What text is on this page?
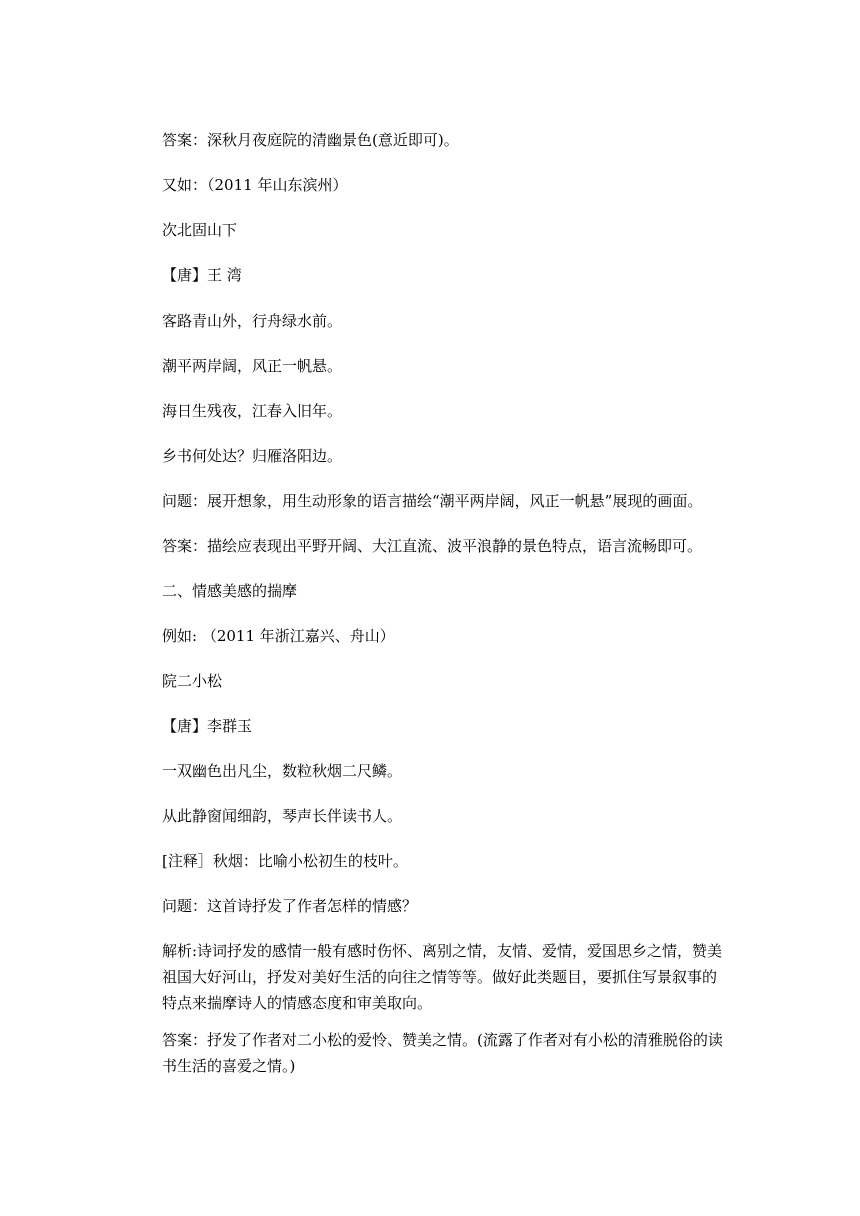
答案：深秋月夜庭院的清幽景色(意近即可)。

又如：（2011 年山东滨州）

次北固山下

【唐】王 湾

客路青山外，行舟绿水前。

潮平两岸阔，风正一帆悬。

海日生残夜，江春入旧年。

乡书何处达？归雁洛阳边。

问题：展开想象，用生动形象的语言描绘“潮平两岸阔，风正一帆悬”展现的画面。

答案：描绘应表现出平野开阔、大江直流、波平浪静的景色特点，语言流畅即可。

二、情感美感的揣摩

例如: （2011 年浙江嘉兴、舟山）

院二小松

【唐】李群玉

一双幽色出凡尘，数粒秋烟二尺鳞。

从此静窗闻细韵，琴声长伴读书人。

[注释］秋烟：比喻小松初生的枝叶。

问题：这首诗抒发了作者怎样的情感？

解析:诗词抒发的感情一般有感时伤怀、离别之情，友情、爱情，爱国思乡之情，赞美祖国大好河山，抒发对美好生活的向往之情等等。做好此类题目，要抓住写景叙事的特点来揣摩诗人的情感态度和审美取向。

答案：抒发了作者对二小松的爱怜、赞美之情。(流露了作者对有小松的清雅脱俗的读书生活的喜爱之情。)
